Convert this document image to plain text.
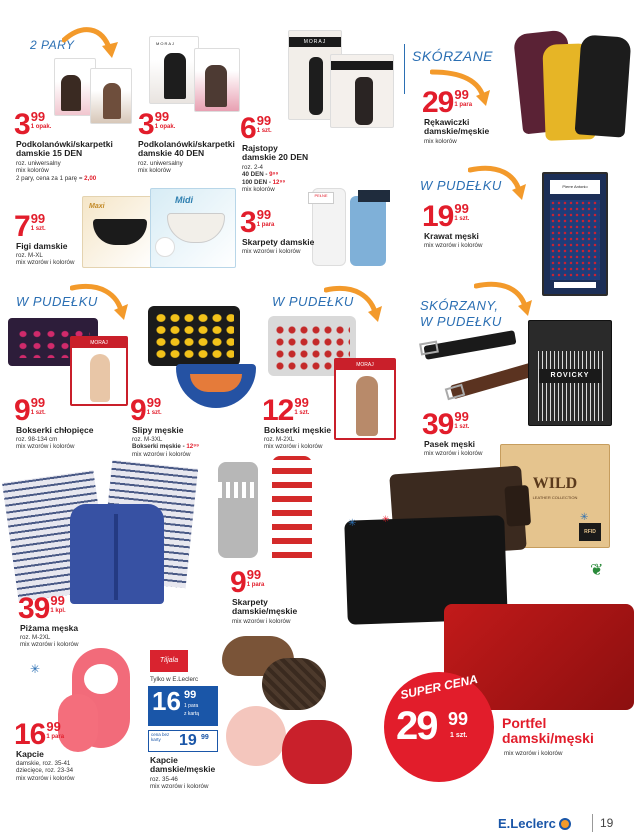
2 PARY	MORAJ	MORAJ
SKÓRZANE
3 99
1 opak.
Podkolanówki/skarpetki damskie 15 DEN
roz. uniwersalny
mix kolorów
2 pary, cena za 1 parę = 2,00
3 99
1 opak.
Podkolanówki/skarpetki damskie 40 DEN
roz. uniwersalny
mix kolorów
6 99
1 szt.
Rajstopy
damskie 20 DEN
roz. 2-4
40 DEN - 9⁹⁹
100 DEN - 12⁹⁹
mix kolorów
29 99
1 para
Rękawiczki
damskie/męskie
mix kolorów
Maxi
Midi	PEŁNE
W PUDEŁKU	Pierre Antonio
7 99
1 szt.
Figi damskie
roz. M-XL
mix wzorów i kolorów
3 99
1 para
Skarpety damskie
mix wzorów i kolorów
19 99
1 szt.
Krawat męski
mix wzorów i kolorów
W PUDEŁKU
MORAJ
W PUDEŁKU
MORAJ
SKÓRZANY,
W PUDEŁKU
ROVICKY
9 99
1 szt.
Bokserki chłopięce
roz. 98-134 cm
mix wzorów i kolorów
9 99
1 szt.
Slipy męskie
roz. M-3XL
Bokserki męskie - 12⁹⁹
mix wzorów i kolorów
12 99
1 szt.
Bokserki męskie
roz. M-2XL
mix wzorów i kolorów
39 99
1 szt.
Pasek męski
mix wzorów i kolorów
WILD
LEATHER COLLECTION
RFID
39 99
1 kpl.
Piżama męska
roz. M-2XL
mix wzorów i kolorów
9 99
1 para
Skarpety
damskie/męskie
mix wzorów i kolorów
Tiljala
16 99
1 para
Kapcie
damskie, roz. 35-41
dziecięce, roz. 23-34
mix wzorów i kolorów
Tylko w E.Leclerc
16 99
1 para
z kartą
cena bez karty	19 99
Kapcie
damskie/męskie
roz. 35-46
mix wzorów i kolorów
SUPER CENA
29 99
1 szt.
Portfel
damski/męski
mix wzorów i kolorów
✳
✳	✳	✳
❦
E.Leclerc	19
